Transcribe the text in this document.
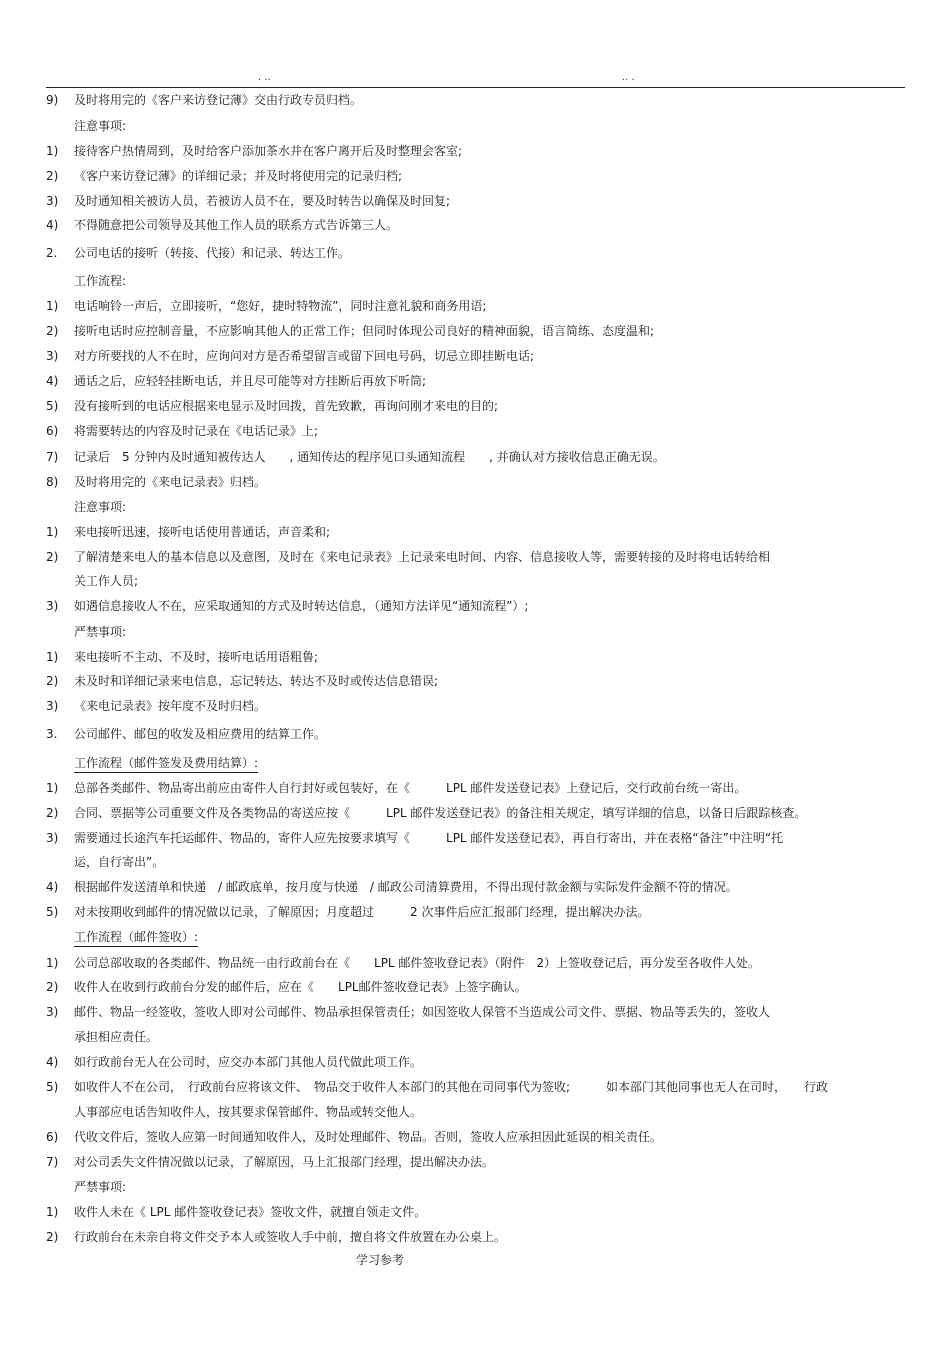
. ..	.. .
9) 及时将用完的《客户来访登记薄》交由行政专员归档。
注意事项:
1) 接待客户热情周到，及时给客户添加茶水并在客户离开后及时整理会客室;
2) 《客户来访登记薄》的详细记录；并及时将使用完的记录归档;
3) 及时通知相关被访人员，若被访人员不在，要及时转告以确保及时回复;
4) 不得随意把公司领导及其他工作人员的联系方式告诉第三人。
2. 公司电话的接听（转接、代接）和记录、转达工作。
工作流程:
1) 电话响铃一声后，立即接听，“您好，捷时特物流”，同时注意礼貌和商务用语;
2) 接听电话时应控制音量，不应影响其他人的正常工作；但同时体现公司良好的精神面貌，语言简练、态度温和;
3) 对方所要找的人不在时，应询问对方是否希望留言或留下回电号码，切忌立即挂断电话;
4) 通话之后，应轻轻挂断电话，并且尽可能等对方挂断后再放下听筒;
5) 没有接听到的电话应根据来电显示及时回拨，首先致歉，再询问刚才来电的目的;
6) 将需要转达的内容及时记录在《电话记录》上;
7) 记录后　5 分钟内及时通知被传达人　　, 通知传达的程序见口头通知流程　　, 并确认对方接收信息正确无误。
8) 及时将用完的《来电记录表》归档。
注意事项:
1) 来电接听迅速，接听电话使用普通话，声音柔和;
2) 了解清楚来电人的基本信息以及意图，及时在《来电记录表》上记录来电时间、内容、信息接收人等，需要转接的及时将电话转给相
关工作人员;
3) 如遇信息接收人不在，应采取通知的方式及时转达信息，（通知方法详见“通知流程”）;
严禁事项:
1) 来电接听不主动、不及时，接听电话用语粗鲁;
2) 未及时和详细记录来电信息，忘记转达、转达不及时或传达信息错误;
3) 《来电记录表》按年度不及时归档。
3. 公司邮件、邮包的收发及相应费用的结算工作。
工作流程（邮件签发及费用结算）:
1) 总部各类邮件、物品寄出前应由寄件人自行封好或包装好，在《　　　LPL 邮件发送登记表》上登记后，交行政前台统一寄出。
2) 合同、票据等公司重要文件及各类物品的寄送应按《　　　LPL 邮件发送登记表》的备注相关规定，填写详细的信息，以备日后跟踪核查。
3) 需要通过长途汽车托运邮件、物品的，寄件人应先按要求填写《　　　LPL 邮件发送登记表》，再自行寄出，并在表格“备注”中注明“托
运，自行寄出”。
4) 根据邮件发送清单和快递　/ 邮政底单，按月度与快递　/ 邮政公司清算费用，不得出现付款金额与实际发件金额不符的情况。
5) 对未按期收到邮件的情况做以记录，了解原因；月度超过　　　2 次事件后应汇报部门经理，提出解决办法。
工作流程（邮件签收）:
1) 公司总部收取的各类邮件、物品统一由行政前台在《　　LPL 邮件签收登记表》（附件　2）上签收登记后，再分发至各收件人处。
2) 收件人在收到行政前台分发的邮件后，应在《　　LPL邮件签收登记表》上签字确认。
3) 邮件、物品一经签收，签收人即对公司邮件、物品承担保管责任；如因签收人保管不当造成公司文件、票据、物品等丢失的，签收人
承担相应责任。
4) 如行政前台无人在公司时，应交办本部门其他人员代做此项工作。
5) 如收件人不在公司，　行政前台应将该文件、　物品交于收件人本部门的其他在司同事代为签收;　　　如本部门其他同事也无人在司时，　　行政
人事部应电话告知收件人，按其要求保管邮件、物品或转交他人。
6) 代收文件后，签收人应第一时间通知收件人，及时处理邮件、物品。否则，签收人应承担因此延误的相关责任。
7) 对公司丢失文件情况做以记录，了解原因，马上汇报部门经理，提出解决办法。
严禁事项:
1) 收件人未在《 LPL 邮件签收登记表》签收文件，就擅自领走文件。
2) 行政前台在未亲自将文件交予本人或签收人手中前，擅自将文件放置在办公桌上。
学习参考
